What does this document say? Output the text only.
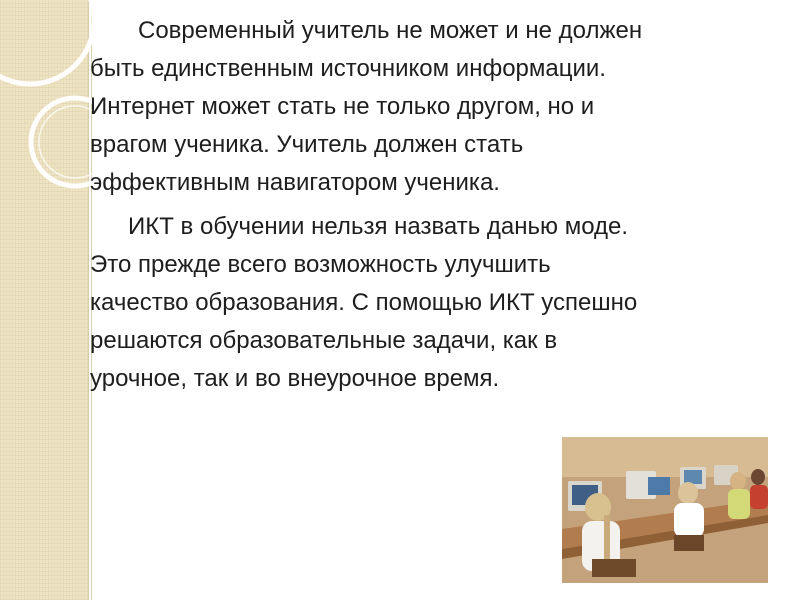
Современный учитель не может и не должен быть единственным источником информации. Интернет может стать не только другом, но и врагом ученика. Учитель должен стать эффективным навигатором ученика.

ИКТ в обучении нельзя назвать данью моде. Это прежде всего возможность улучшить качество образования. С помощью ИКТ успешно решаются образовательные задачи, как в урочное, так и во внеурочное время.
